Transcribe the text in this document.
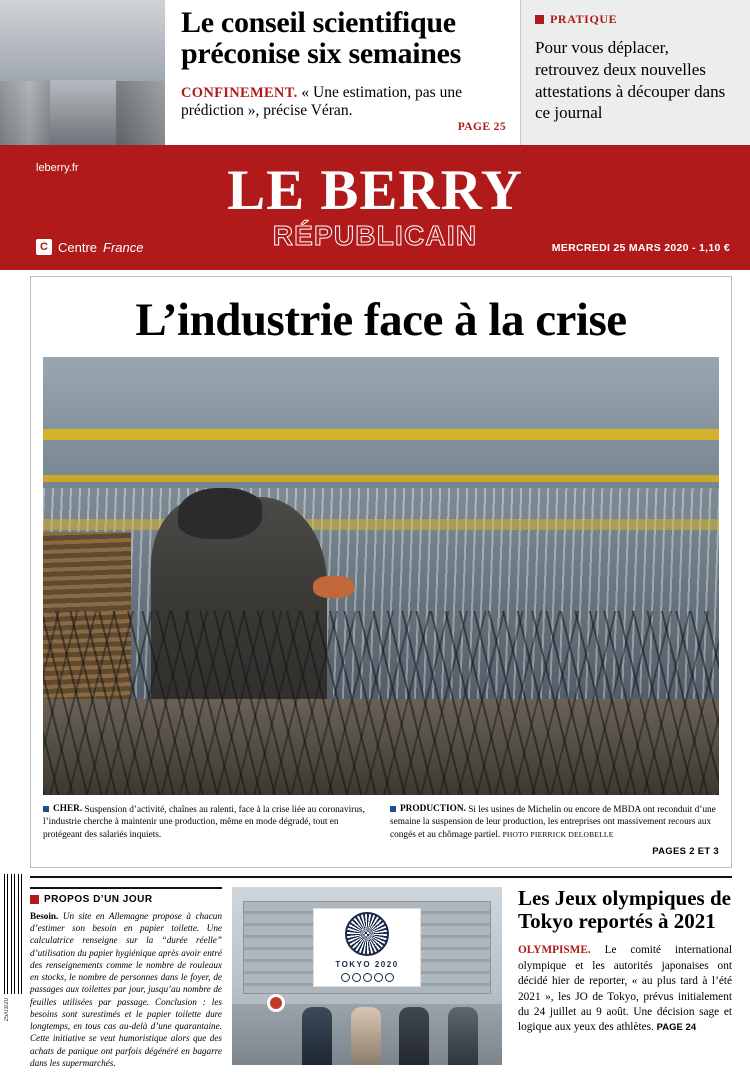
Le conseil scientifique préconise six semaines
CONFINEMENT. « Une estimation, pas une prédiction », précise Véran.
PAGE 25
PRATIQUE

Pour vous déplacer, retrouvez deux nouvelles attestations à découper dans ce journal

leberry.fr	LE BERRY
RÉPUBLICAIN
C Centre France	MERCREDI 25 MARS 2020 - 1,10 €
L’industrie face à la crise
CHER. Suspension d’activité, chaînes au ralenti, face à la crise liée au coronavirus, l’industrie cherche à maintenir une production, même en mode dégradé, tout en protégeant des salariés inquiets.
PRODUCTION. Si les usines de Michelin ou encore de MBDA ont reconduit d’une semaine la suspension de leur production, les entreprises ont massivement recours aux congés et au chômage partiel. PHOTO PIERRICK DELOBELLE
PAGES 2 ET 3
PROPOS D’UN JOUR
Besoin. Un site en Allemagne propose à chacun d’estimer son besoin en papier toilette. Une calculatrice renseigne sur la “durée réelle” d’utilisation du papier hygiénique après avoir entré des renseignements comme le nombre de rouleaux en stocks, le nombre de personnes dans le foyer, de passages aux toilettes par jour, jusqu’au nombre de feuilles utilisées par passage. Conclusion : les besoins sont surestimés et le papier toilette dure longtemps, en tous cas au-delà d’une quarantaine. Cette initiative se veut humoristique alors que des achats de panique ont parfois dégénéré en bagarre dans les supermarchés.
TOKYO 2020
Les Jeux olympiques de Tokyo reportés à 2021
OLYMPISME. Le comité international olympique et les autorités japonaises ont décidé hier de reporter, « au plus tard à l’été 2021 », les JO de Tokyo, prévus initialement du 24 juillet au 9 août. Une décision sage et logique aux yeux des athlètes. PAGE 24
25/03/20
